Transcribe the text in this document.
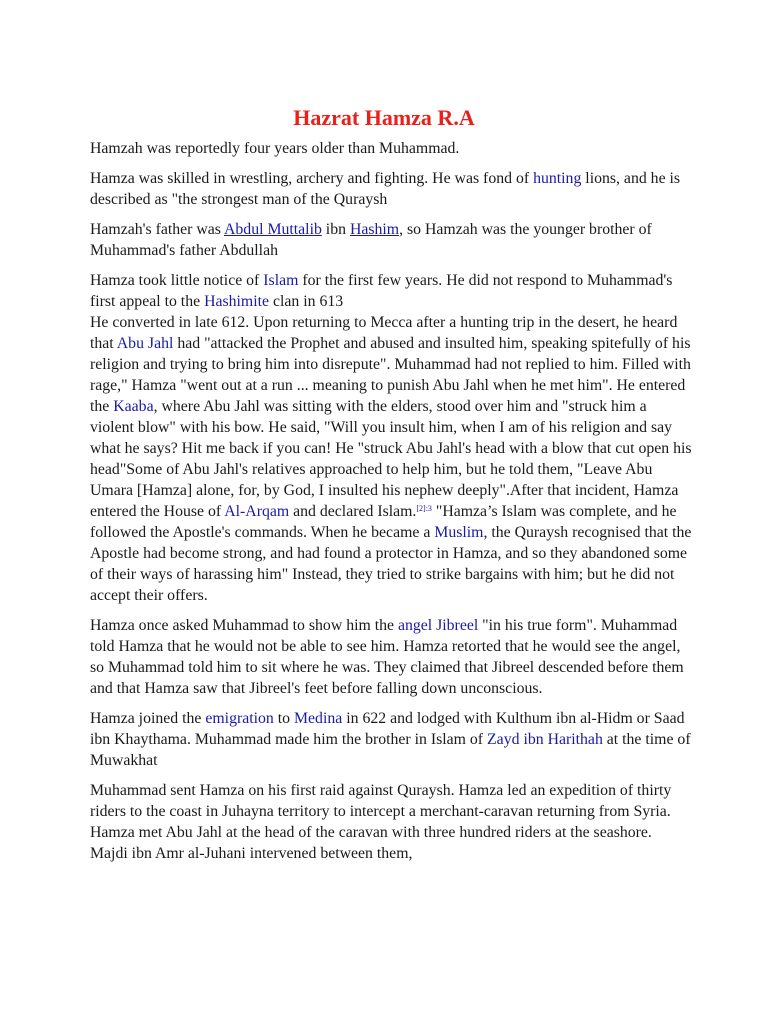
Hazrat Hamza R.A

Hamzah was reportedly four years older than Muhammad.

Hamza was skilled in wrestling, archery and fighting. He was fond of hunting lions, and he is described as "the strongest man of the Quraysh

Hamzah's father was Abdul Muttalib ibn Hashim, so Hamzah was the younger brother of Muhammad's father Abdullah

Hamza took little notice of Islam for the first few years. He did not respond to Muhammad's first appeal to the Hashimite clan in 613
He converted in late 612. Upon returning to Mecca after a hunting trip in the desert, he heard that Abu Jahl had "attacked the Prophet and abused and insulted him, speaking spitefully of his religion and trying to bring him into disrepute". Muhammad had not replied to him. Filled with rage," Hamza "went out at a run ... meaning to punish Abu Jahl when he met him". He entered the Kaaba, where Abu Jahl was sitting with the elders, stood over him and "struck him a violent blow" with his bow. He said, "Will you insult him, when I am of his religion and say what he says? Hit me back if you can! He "struck Abu Jahl's head with a blow that cut open his head"Some of Abu Jahl's relatives approached to help him, but he told them, "Leave Abu Umara [Hamza] alone, for, by God, I insulted his nephew deeply".After that incident, Hamza entered the House of Al-Arqam and declared Islam.$^{[2]:3}$ "Hamza’s Islam was complete, and he followed the Apostle's commands. When he became a Muslim, the Quraysh recognised that the Apostle had become strong, and had found a protector in Hamza, and so they abandoned some of their ways of harassing him" Instead, they tried to strike bargains with him; but he did not accept their offers.

Hamza once asked Muhammad to show him the angel Jibreel "in his true form". Muhammad told Hamza that he would not be able to see him. Hamza retorted that he would see the angel, so Muhammad told him to sit where he was. They claimed that Jibreel descended before them and that Hamza saw that Jibreel's feet before falling down unconscious.

Hamza joined the emigration to Medina in 622 and lodged with Kulthum ibn al-Hidm or Saad ibn Khaythama. Muhammad made him the brother in Islam of Zayd ibn Harithah at the time of Muwakhat

Muhammad sent Hamza on his first raid against Quraysh. Hamza led an expedition of thirty riders to the coast in Juhayna territory to intercept a merchant-caravan returning from Syria. Hamza met Abu Jahl at the head of the caravan with three hundred riders at the seashore. Majdi ibn Amr al-Juhani intervened between them,
